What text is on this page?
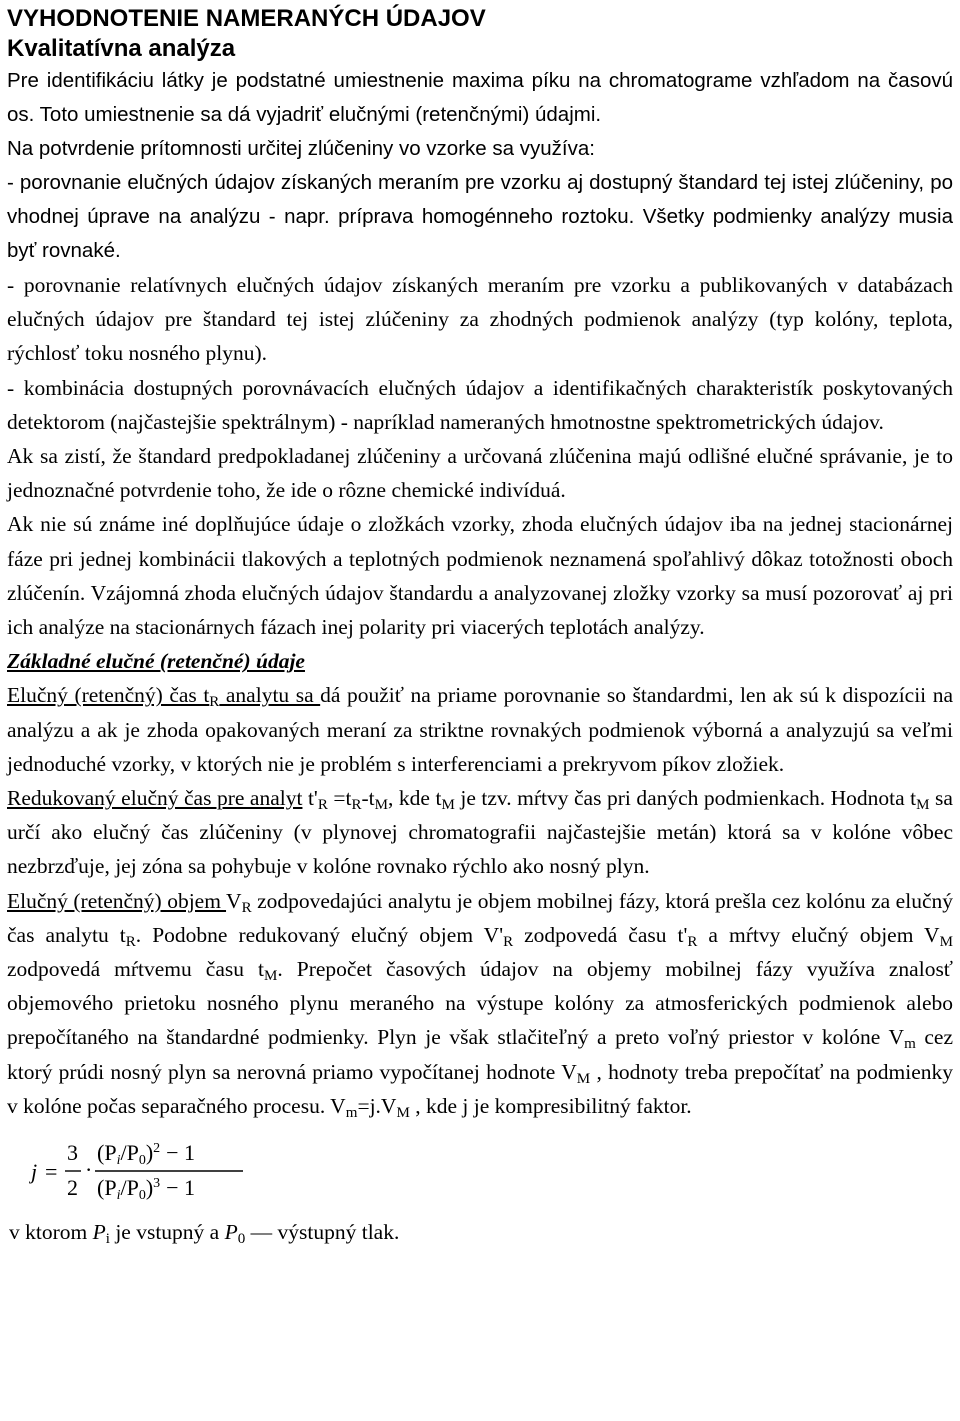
VYHODNOTENIE NAMERANÝCH ÚDAJOV
Kvalitatívna analýza

Pre identifikáciu látky je podstatné umiestnenie maxima píku na chromatograme vzhľadom na časovú os. Toto umiestnenie sa dá vyjadriť elučnými (retenčnými) údajmi.

Na potvrdenie prítomnosti určitej zlúčeniny vo vzorke sa využíva:

- porovnanie elučných údajov získaných meraním pre vzorku aj dostupný štandard tej istej zlúčeniny, po vhodnej úprave na analýzu - napr. príprava homogénneho roztoku. Všetky podmienky analýzy musia byť rovnaké.

- porovnanie relatívnych elučných údajov získaných meraním pre vzorku a publikovaných v databázach elučných údajov pre štandard tej istej zlúčeniny za zhodných podmienok analýzy (typ kolóny, teplota, rýchlosť toku nosného plynu).

- kombinácia dostupných porovnávacích elučných údajov a identifikačných charakteristík poskytovaných detektorom (najčastejšie spektrálnym) - napríklad nameraných hmotnostne spektrometrických údajov.

Ak sa zistí, že štandard predpokladanej zlúčeniny a určovaná zlúčenina majú odlišné elučné správanie, je to jednoznačné potvrdenie toho, že ide o rôzne chemické indivíduá.

Ak nie sú známe iné doplňujúce údaje o zložkách vzorky, zhoda elučných údajov iba na jednej stacionárnej fáze pri jednej kombinácii tlakových a teplotných podmienok neznamená spoľahlivý dôkaz totožnosti oboch zlúčenín. Vzájomná zhoda elučných údajov štandardu a analyzovanej zložky vzorky sa musí pozorovať aj pri ich analýze na stacionárnych fázach inej polarity pri viacerých teplotách analýzy.

Základné elučné (retenčné) údaje

Elučný (retenčný) čas $t_R$ analytu sa dá použiť na priame porovnanie so štandardmi, len ak sú k dispozícii na analýzu a ak je zhoda opakovaných meraní za striktne rovnakých podmienok výborná a analyzujú sa veľmi jednoduché vzorky, v ktorých nie je problém s interferenciami a prekryvom píkov zložiek.

Redukovaný elučný čas pre analyt $t'_R =t_R-t_M$, kde $t_M$ je tzv. mŕtvy čas pri daných podmienkach. Hodnota $t_M$ sa určí ako elučný čas zlúčeniny (v plynovej chromatografii najčastejšie metán) ktorá sa v kolóne vôbec nezbrzďuje, jej zóna sa pohybuje v kolóne rovnako rýchlo ako nosný plyn.

Elučný (retenčný) objem $V_R$ zodpovedajúci analytu je objem mobilnej fázy, ktorá prešla cez kolónu za elučný čas analytu $t_R$. Podobne redukovaný elučný objem $V'_R$ zodpovedá času $t'_R$ a mŕtvy elučný objem $V_M$ zodpovedá mŕtvemu času $t_M$. Prepočet časových údajov na objemy mobilnej fázy využíva znalosť objemového prietoku nosného plynu meraného na výstupe kolóny za atmosferických podmienok alebo prepočítaného na štandardné podmienky. Plyn je však stlačiteľný a preto voľný priestor v kolóne $V_m$ cez ktorý prúdi nosný plyn sa nerovná priamo vypočítanej hodnote $V_M$ , hodnoty treba prepočítať na podmienky v kolóne počas separačného procesu. $V_m=j.V_M$ , kde j je kompresibilitný faktor.

j =
3
2
·
$(Pi/P0)^2 - 1$
$(Pi/P0)^3 - 1$
v ktorom $P_i$ je vstupný a $P_0$ — výstupný tlak.
